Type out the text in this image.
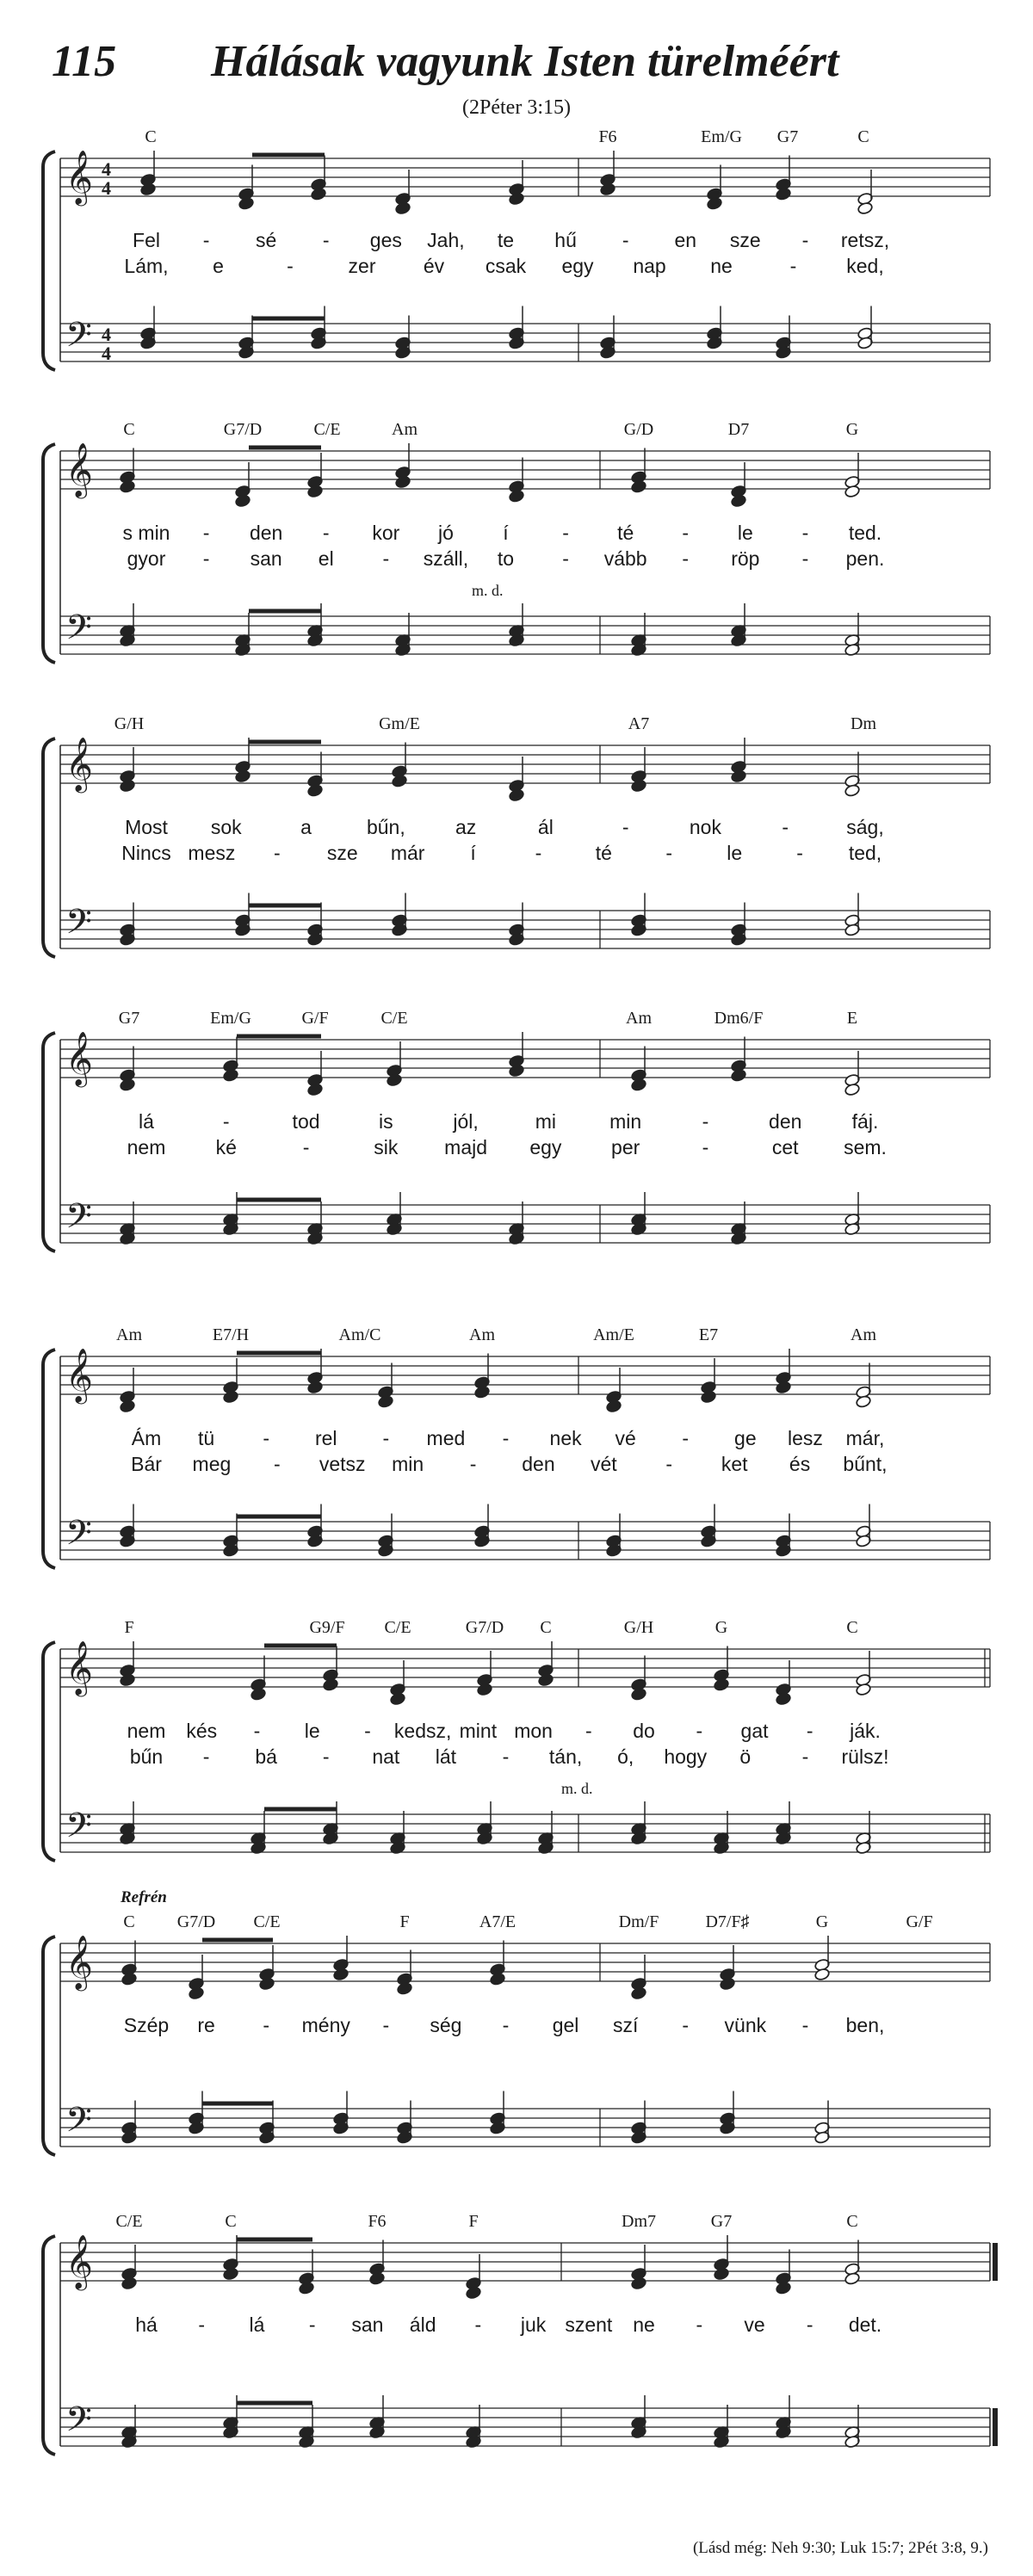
115 Hálásak vagyunk Isten türelméért
(2Péter 3:15)
C	F6	Em/G G7	C
𝄞
𝄢
4
4
4
4
Fel - sé - ges Jah, te hű - en sze - retsz,
Lám, e	-	zer év csak egy nap ne	-	ked,
C	G7/D	C/E	Am	G/D	D7	G
𝄞
𝄢
s min - den - kor jó í	- té - le - ted.
gyor - san el - száll, to - vább - röp - pen.
m. d.
G/H	Gm/E	A7	Dm
𝄞
𝄢
Most sok	a	bűn,	az	ál	-	nok	-	ság,
Nincs mesz - sze már í	-	té	-	le	- ted,
G7	Em/G	G/F	C/E	Am	Dm6/F	E
𝄞
𝄢
lá	-	tod	is	jól,	mi	min	-	den	fáj.
nem	ké	-	sik majd egy	per	-	cet sem.
Am	E7/H	Am/C	Am	Am/E	E7	Am
𝄞
𝄢
Ám tü - rel - med - nek vé - ge lesz már,
Bár meg - vetsz min - den vét - ket és bűnt,
F	G9/F C/E	G7/D C	G/H	G	C
𝄞
𝄢
nem kés - le - kedsz, mint mon - do - gat - ják.
bűn - bá - nat lát - tán, ó, hogy ö	- rülsz!
m. d.
Refrén
C G7/D C/E	F	A7/E	Dm/F	D7/F♯	G	G/F
𝄞
𝄢
Szép re - mény - ség - gel szí - vünk - ben,
C/E	C	F6	F	Dm7	G7	C
𝄞
𝄢
há - lá - san áld - juk szent ne - ve - det.
(Lásd még: Neh 9:30; Luk 15:7; 2Pét 3:8, 9.)
